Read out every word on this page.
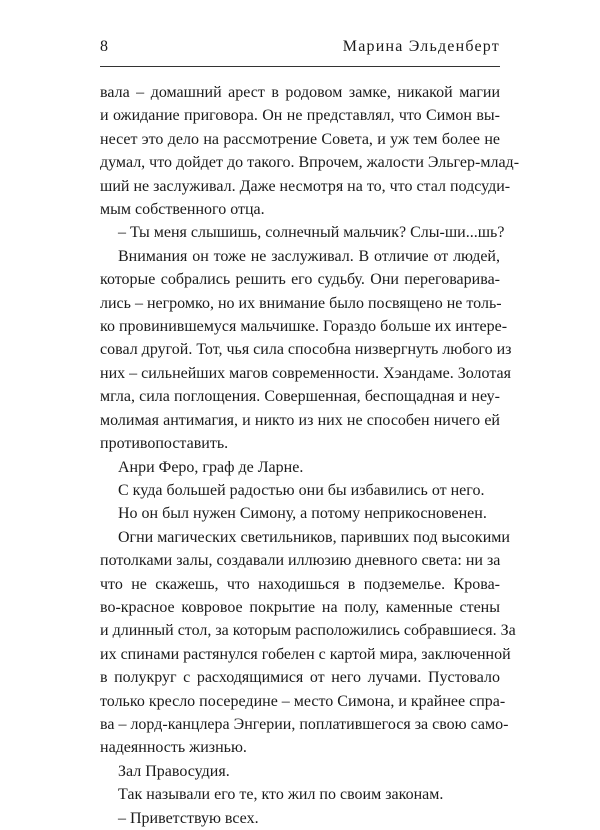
8	Марина Эльденберт

вала – домашний арест в родовом замке, никакой магии
и ожидание приговора. Он не представлял, что Симон вы-
несет это дело на рассмотрение Совета, и уж тем более не
думал, что дойдет до такого. Впрочем, жалости Эльгер-млад-
ший не заслуживал. Даже несмотря на то, что стал подсуди-
мым собственного отца.

– Ты меня слышишь, солнечный мальчик? Слы-ши...шь?

Внимания он тоже не заслуживал. В отличие от людей,
которые собрались решить его судьбу. Они переговарива-
лись – негромко, но их внимание было посвящено не толь-
ко провинившемуся мальчишке. Гораздо больше их интере-
совал другой. Тот, чья сила способна низвергнуть любого из
них – сильнейших магов современности. Хэандаме. Золотая
мгла, сила поглощения. Совершенная, беспощадная и неу-
молимая антимагия, и никто из них не способен ничего ей
противопоставить.

Анри Феро, граф де Ларне.

С куда большей радостью они бы избавились от него.

Но он был нужен Симону, а потому неприкосновенен.

Огни магических светильников, паривших под высокими
потолками залы, создавали иллюзию дневного света: ни за
что не скажешь, что находишься в подземелье. Крова-
во-красное ковровое покрытие на полу, каменные стены
и длинный стол, за которым расположились собравшиеся. За
их спинами растянулся гобелен с картой мира, заключенной
в полукруг с расходящимися от него лучами. Пустовало
только кресло посередине – место Симона, и крайнее спра-
ва – лорд-канцлера Энгерии, поплатившегося за свою само-
надеянность жизнью.

Зал Правосудия.

Так называли его те, кто жил по своим законам.

– Приветствую всех.
